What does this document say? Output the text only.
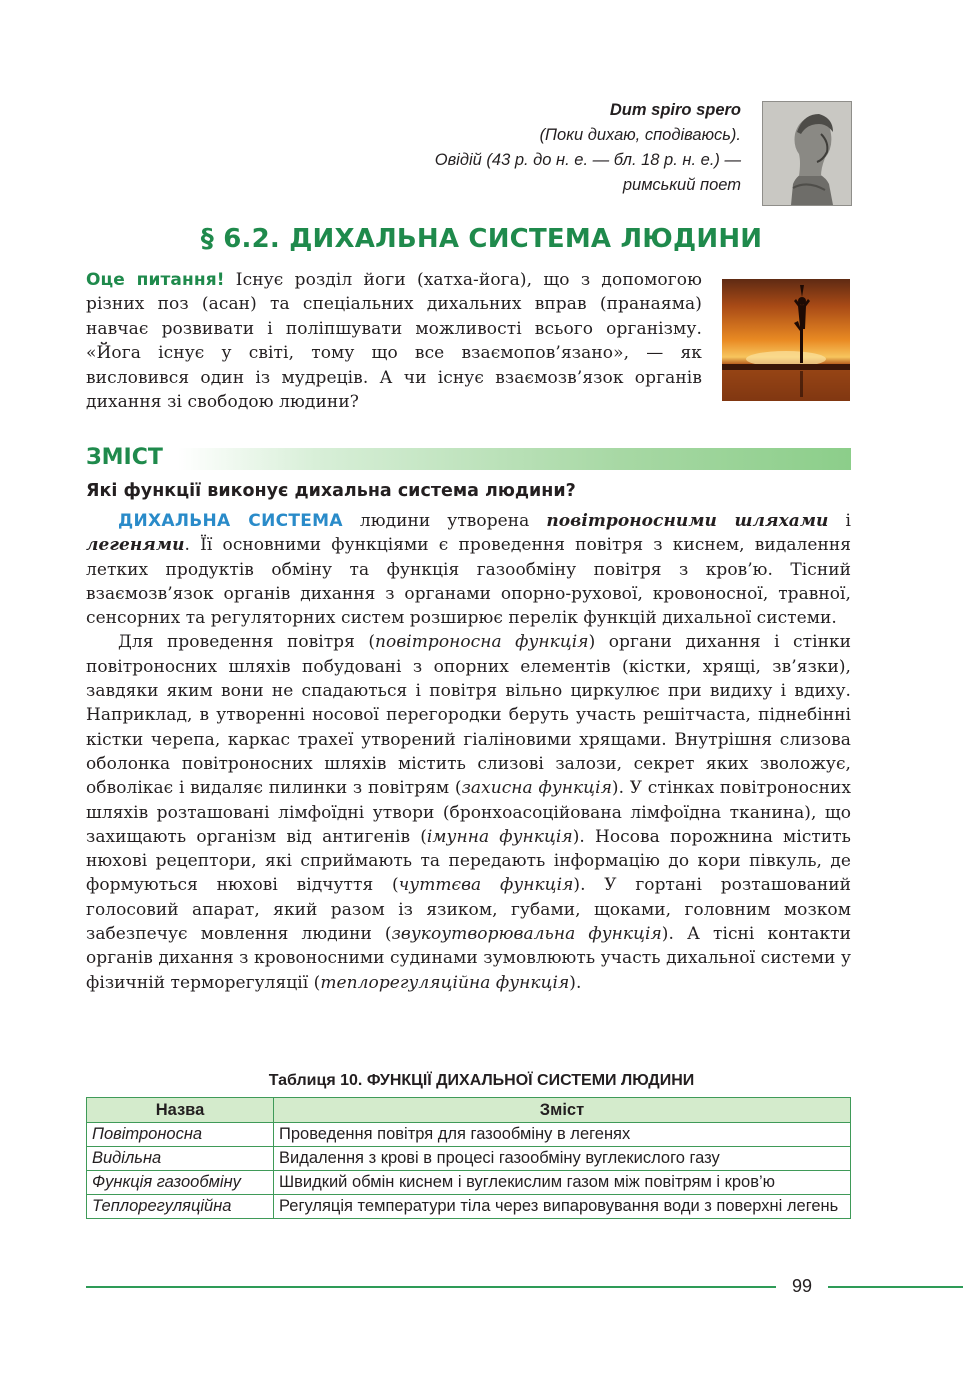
Dum spiro spero
(Поки дихаю, сподіваюсь).
Овідій (43 р. до н. е. — бл. 18 р. н. е.) —
римський поет
§ 6.2. ДИХАЛЬНА СИСТЕМА ЛЮДИНИ
Оце питання! Існує розділ йоги (хатха-йога), що з допомогою різних поз (асан) та спеціальних дихальних вправ (пранаяма) навчає розвивати і поліпшувати можливості всього організму. «Йога існує у світі, тому що все взаємопов’язано», — як висловився один із мудреців. А чи існує взаємозв’язок органів дихання зі свободою людини?
ЗМІСТ
Які функції виконує дихальна система людини?

ДИХАЛЬНА СИСТЕМА людини утворена повітроносними шляхами і легенями. Її основними функціями є проведення повітря з киснем, видалення летких продуктів обміну та функція газообміну повітря з кров’ю. Тісний взаємозв’язок органів дихання з органами опорно-рухової, кровоносної, травної, сенсорних та регуляторних систем розширює перелік функцій дихальної системи.

Для проведення повітря (повітроносна функція) органи дихання і стінки повітроносних шляхів побудовані з опорних елементів (кістки, хрящі, зв’язки), завдяки яким вони не спадаються і повітря вільно циркулює при видиху і вдиху. Наприклад, в утворенні носової перегородки беруть участь решітчаста, піднебінні кістки черепа, каркас трахеї утворений гіаліновими хрящами. Внутрішня слизова оболонка повітроносних шляхів містить слизові залози, секрет яких зволожує, обволікає і видаляє пилинки з повітрям (захисна функція). У стінках повітроносних шляхів розташовані лімфоїдні утвори (бронхоасоційована лімфоїдна тканина), що захищають організм від антигенів (імунна функція). Носова порожнина містить нюхові рецептори, які сприймають та передають інформацію до кори півкуль, де формуються нюхові відчуття (чуттєва функція). У гортані розташований голосовий апарат, який разом із язиком, губами, щоками, головним мозком забезпечує мовлення людини (звукоутворювальна функція). А тісні контакти органів дихання з кровоносними судинами зумовлюють участь дихальної системи у фізичній терморегуляції (теплорегуляційна функція).

Таблиця 10. ФУНКЦІЇ ДИХАЛЬНОЇ СИСТЕМИ ЛЮДИНИ
Назва	Зміст
Повітроносна	Проведення повітря для газообміну в легенях
Видільна	Видалення з крові в процесі газообміну вуглекислого газу
Функція газообміну	Швидкий обмін киснем і вуглекислим газом між повітрям і кров’ю
Теплорегуляційна	Регуляція температури тіла через випаровування води з поверхні легень
99
